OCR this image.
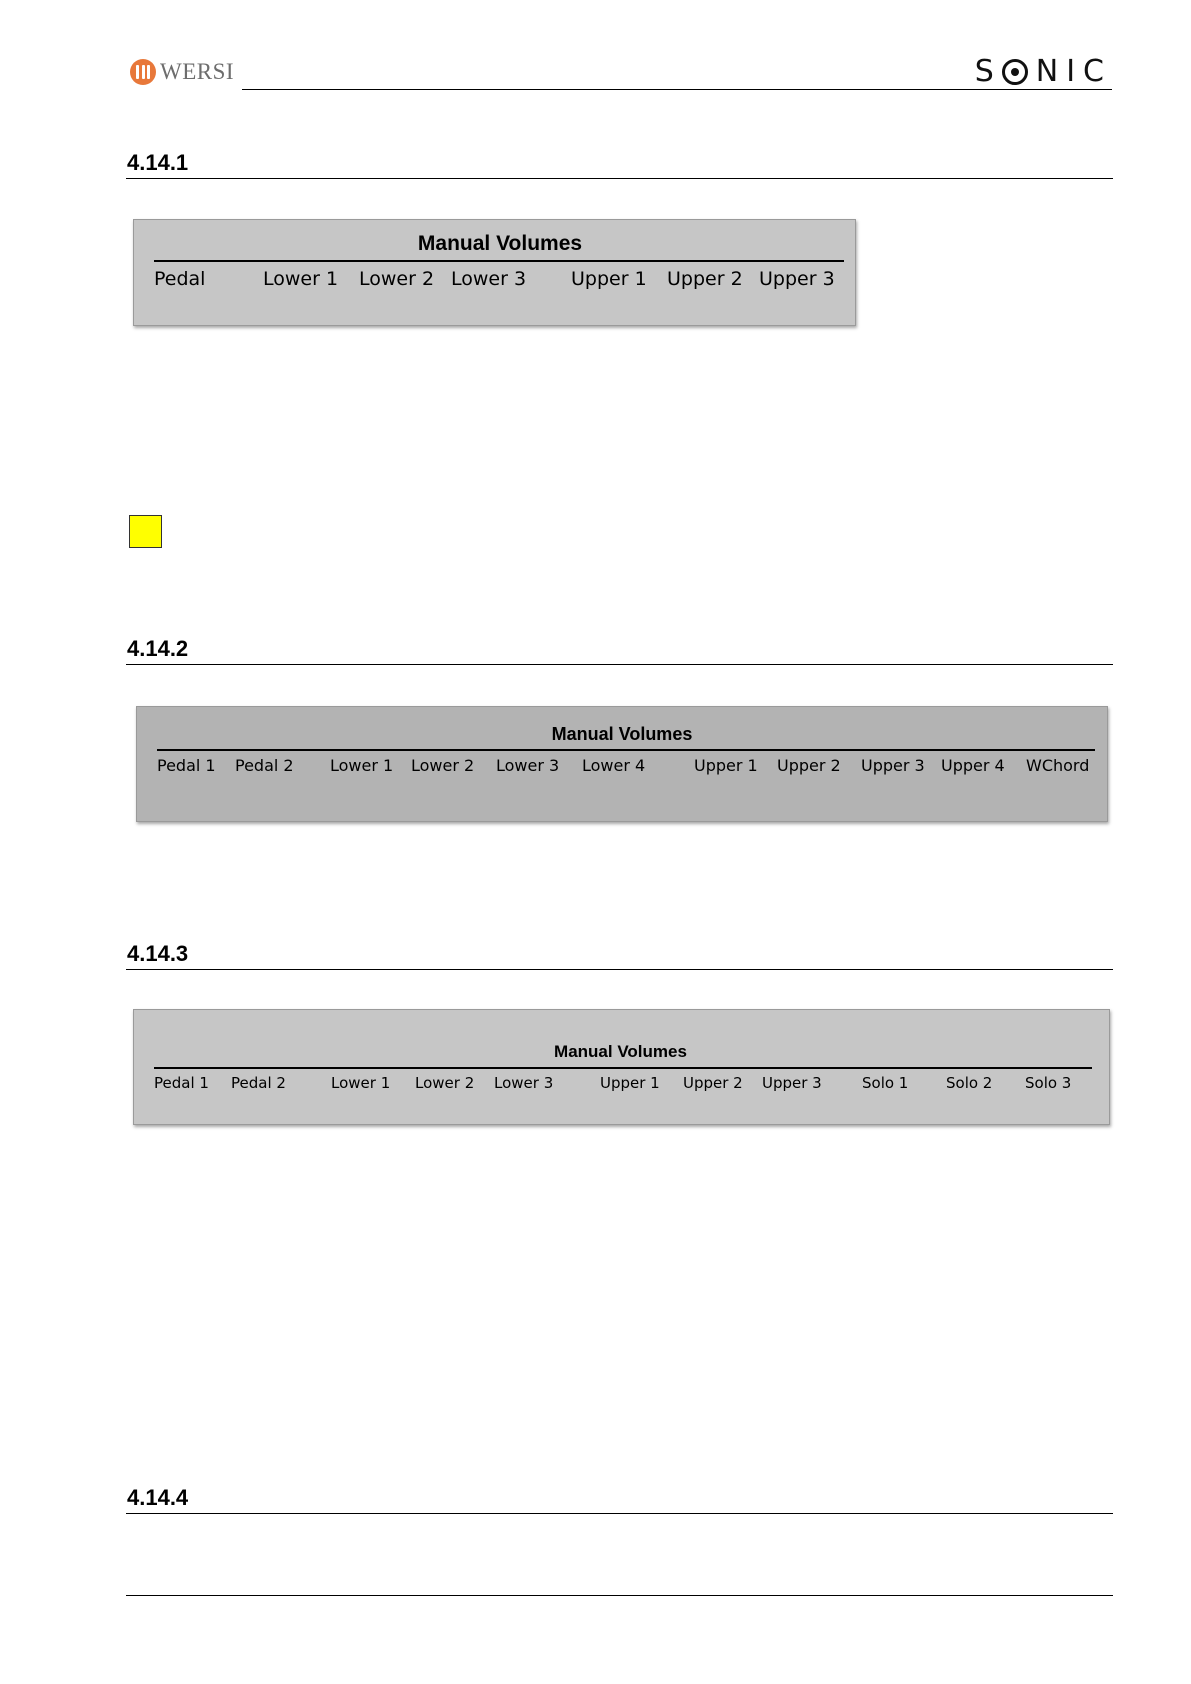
WERSI	S NIC
4.14.1
Manual Volumes
Pedal	Lower 1 Lower 2 Lower 3 Upper 1 Upper 2 Upper 3
4.14.2
Manual Volumes
Pedal 1 Pedal 2 Lower 1 Lower 2 Lower 3 Lower 4	Upper 1 Upper 2 Upper 3 Upper 4 WChord
4.14.3
Manual Volumes
Pedal 1 Pedal 2	Lower 1 Lower 2 Lower 3	Upper 1 Upper 2 Upper 3	Solo 1	Solo 2 Solo 3
4.14.4
